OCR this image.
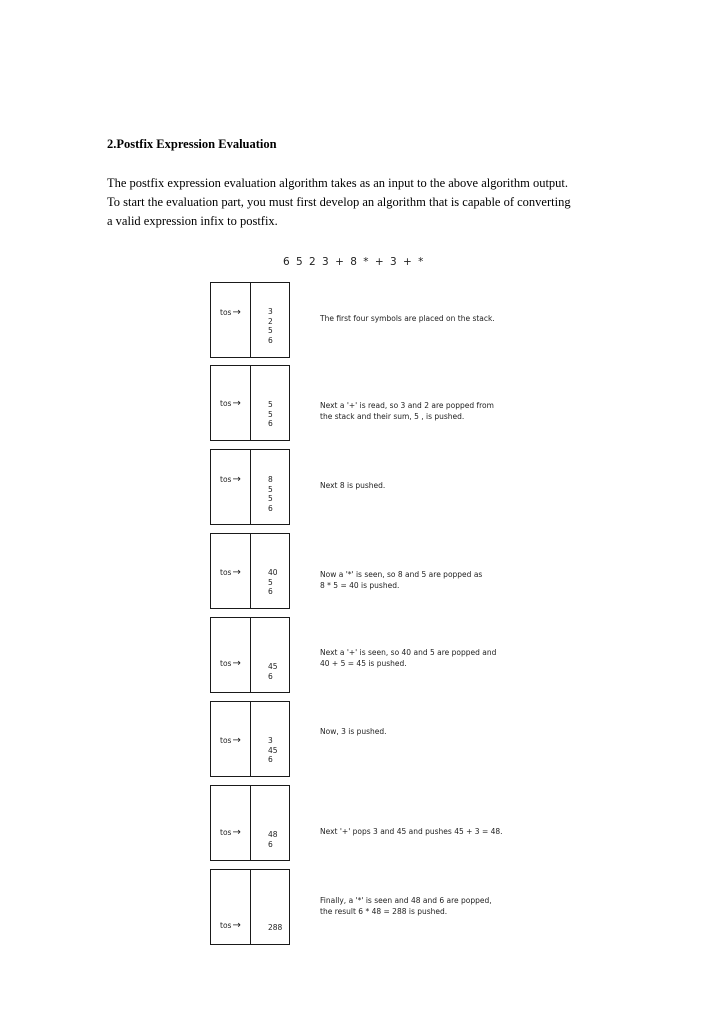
2.Postfix Expression Evaluation
The postfix expression evaluation algorithm takes as an input to the above algorithm output.
To start the evaluation part, you must first develop an algorithm that is capable of converting
a valid expression infix to postfix.
6 5 2 3 + 8 * + 3 + *
tos→	3
2
5
6
The first four symbols are placed on the stack.
tos→	5
5
6
Next a '+' is read, so 3 and 2 are popped from
the stack and their sum, 5 , is pushed.
tos→	8
5
5
6
Next 8 is pushed.
tos→	40
5
6
Now a '*' is seen, so 8 and 5 are popped as
8 * 5 = 40 is pushed.
tos→	45
6
Next a '+' is seen, so 40 and 5 are popped and
40 + 5 = 45 is pushed.
tos→	3
45
6
Now, 3 is pushed.
tos→	48
6
Next '+' pops 3 and 45 and pushes 45 + 3 = 48.
tos→	288
Finally, a '*' is seen and 48 and 6 are popped,
the result 6 * 48 = 288 is pushed.
